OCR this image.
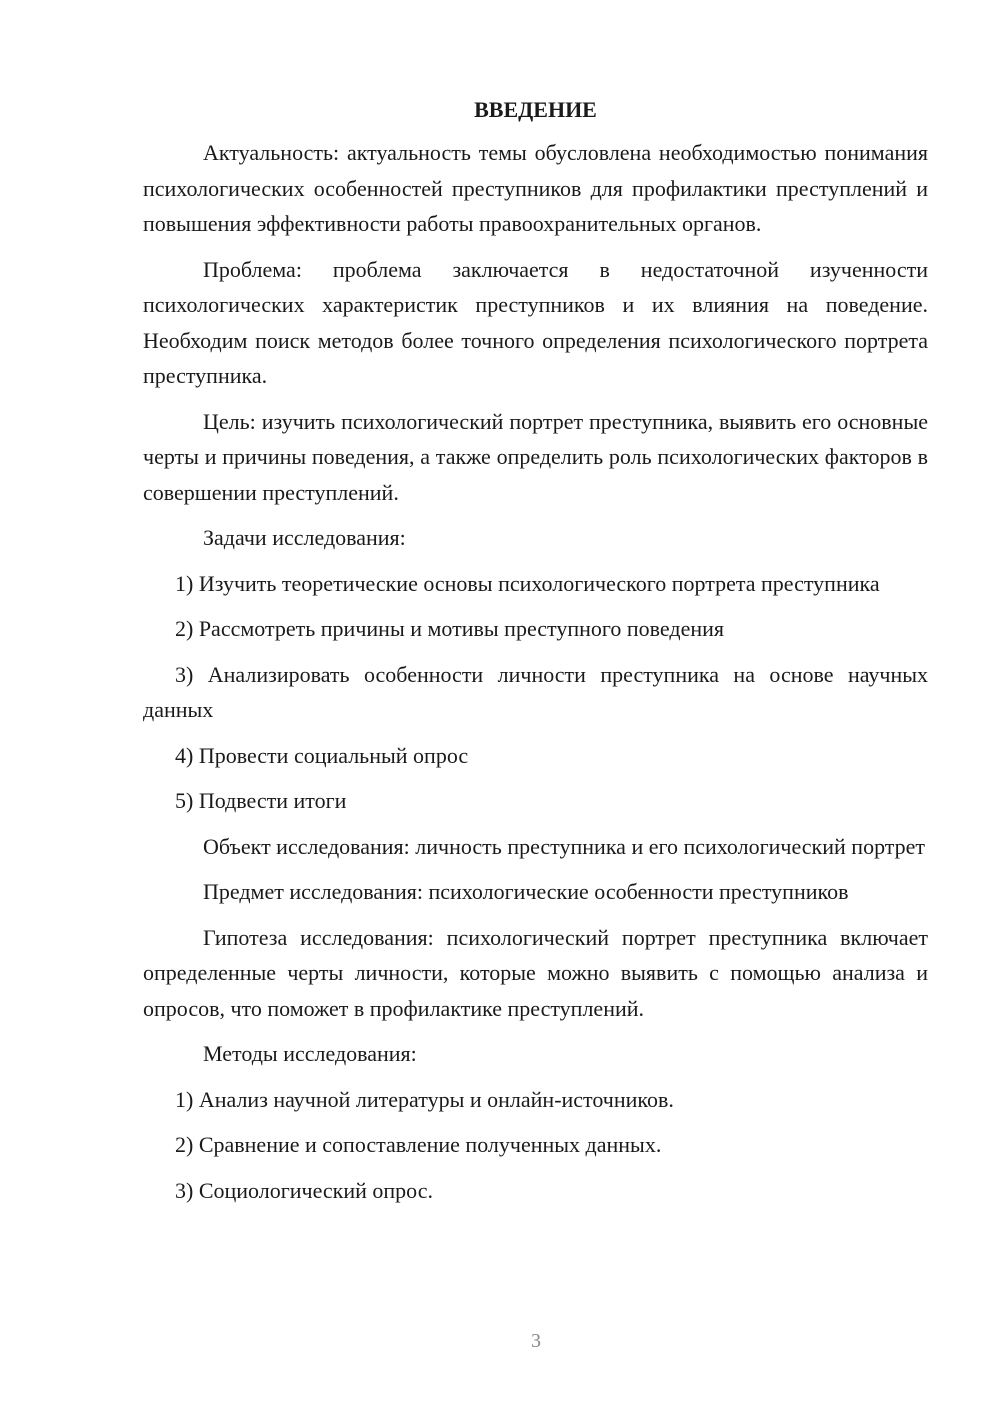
ВВЕДЕНИЕ

Актуальность: актуальность темы обусловлена необходимостью понимания психологических особенностей преступников для профилактики преступлений и повышения эффективности работы правоохранительных органов.

Проблема: проблема заключается в недостаточной изученности психологических характеристик преступников и их влияния на поведение. Необходим поиск методов более точного определения психологического портрета преступника.

Цель: изучить психологический портрет преступника, выявить его основные черты и причины поведения, а также определить роль психологических факторов в совершении преступлений.

Задачи исследования:

1) Изучить теоретические основы психологического портрета преступника

2) Рассмотреть причины и мотивы преступного поведения

3) Анализировать особенности личности преступника на основе научных данных

4) Провести социальный опрос

5) Подвести итоги

Объект исследования: личность преступника и его психологический портрет

Предмет исследования: психологические особенности преступников

Гипотеза исследования: психологический портрет преступника включает определенные черты личности, которые можно выявить с помощью анализа и опросов, что поможет в профилактике преступлений.

Методы исследования:

1) Анализ научной литературы и онлайн-источников.

2) Сравнение и сопоставление полученных данных.

3) Социологический опрос.

3
